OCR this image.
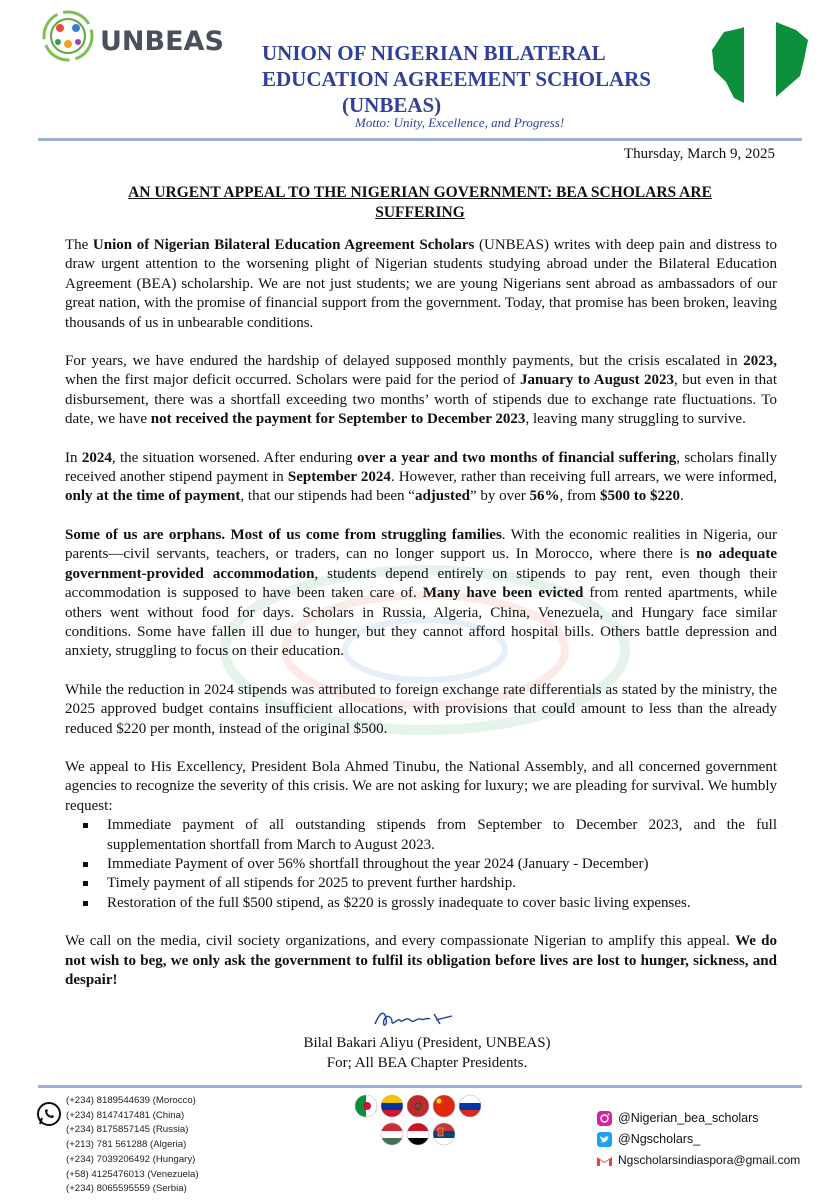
UNBEAS UNION OF NIGERIAN BILATERAL
EDUCATION AGREEMENT SCHOLARS
(UNBEAS)
Motto: Unity, Excellence, and Progress!
Thursday, March 9, 2025
AN URGENT APPEAL TO THE NIGERIAN GOVERNMENT: BEA SCHOLARS ARE
SUFFERING

The Union of Nigerian Bilateral Education Agreement Scholars (UNBEAS) writes with deep pain and distress to draw urgent attention to the worsening plight of Nigerian students studying abroad under the Bilateral Education Agreement (BEA) scholarship. We are not just students; we are young Nigerians sent abroad as ambassadors of our great nation, with the promise of financial support from the government. Today, that promise has been broken, leaving thousands of us in unbearable conditions.

For years, we have endured the hardship of delayed supposed monthly payments, but the crisis escalated in 2023, when the first major deficit occurred. Scholars were paid for the period of January to August 2023, but even in that disbursement, there was a shortfall exceeding two months’ worth of stipends due to exchange rate fluctuations. To date, we have not received the payment for September to December 2023, leaving many struggling to survive.

In 2024, the situation worsened. After enduring over a year and two months of financial suffering, scholars finally received another stipend payment in September 2024. However, rather than receiving full arrears, we were informed, only at the time of payment, that our stipends had been “adjusted” by over 56%, from $500 to $220.

Some of us are orphans. Most of us come from struggling families. With the economic realities in Nigeria, our parents—civil servants, teachers, or traders, can no longer support us. In Morocco, where there is no adequate government-provided accommodation, students depend entirely on stipends to pay rent, even though their accommodation is supposed to have been taken care of. Many have been evicted from rented apartments, while others went without food for days. Scholars in Russia, Algeria, China, Venezuela, and Hungary face similar conditions. Some have fallen ill due to hunger, but they cannot afford hospital bills. Others battle depression and anxiety, struggling to focus on their education.

While the reduction in 2024 stipends was attributed to foreign exchange rate differentials as stated by the ministry, the 2025 approved budget contains insufficient allocations, with provisions that could amount to less than the already reduced $220 per month, instead of the original $500.

We appeal to His Excellency, President Bola Ahmed Tinubu, the National Assembly, and all concerned government agencies to recognize the severity of this crisis. We are not asking for luxury; we are pleading for survival. We humbly request:

Immediate payment of all outstanding stipends from September to December 2023, and the full supplementation shortfall from March to August 2023.
Immediate Payment of over 56% shortfall throughout the year 2024 (January - December)
Timely payment of all stipends for 2025 to prevent further hardship.
Restoration of the full $500 stipend, as $220 is grossly inadequate to cover basic living expenses.

We call on the media, civil society organizations, and every compassionate Nigerian to amplify this appeal. We do not wish to beg, we only ask the government to fulfil its obligation before lives are lost to hunger, sickness, and despair!

Bilal Bakari Aliyu (President, UNBEAS)
For; All BEA Chapter Presidents.
(+234) 8189544639 (Morocco)
(+234) 8147417481 (China)
(+234) 8175857145 (Russia)
(+213) 781 561288 (Algeria)
(+234) 7039206492 (Hungary)
(+58) 4125476013 (Venezuela)
(+234) 8065595559 (Serbia)
@Nigerian_bea_scholars
@Ngscholars_
Ngscholarsindiaspora@gmail.com
